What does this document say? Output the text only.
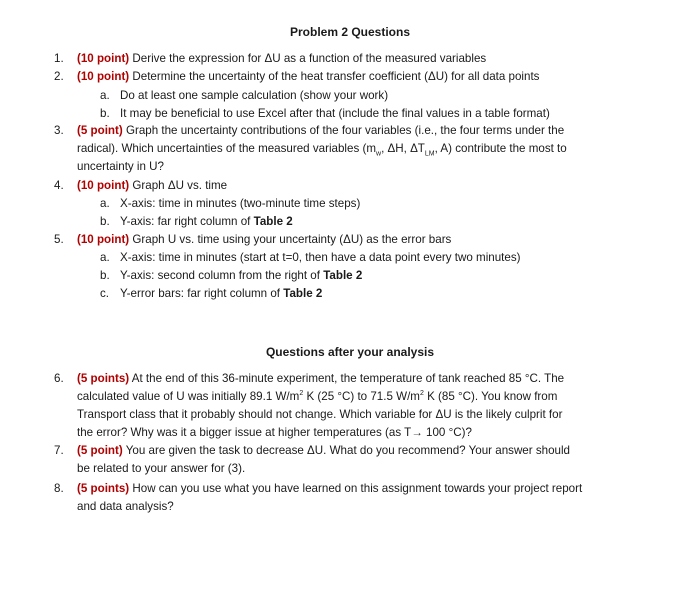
Problem 2 Questions
1.	(10 point) Derive the expression for ΔU as a function of the measured variables
2.	(10 point) Determine the uncertainty of the heat transfer coefficient (ΔU) for all data points
a. Do at least one sample calculation (show your work)
b. It may be beneficial to use Excel after that (include the final values in a table format)
3.	(5 point) Graph the uncertainty contributions of the four variables (i.e., the four terms under the
radical). Which uncertainties of the measured variables ($m_w$, ΔH, $\Delta T_{LM}$, A) contribute the most to
uncertainty in U?
4.	(10 point) Graph ΔU vs. time
a. X-axis: time in minutes (two-minute time steps)
b. Y-axis: far right column of Table 2
5.	(10 point) Graph U vs. time using your uncertainty (ΔU) as the error bars
a. X-axis: time in minutes (start at t=0, then have a data point every two minutes)
b. Y-axis: second column from the right of Table 2
c. Y-error bars: far right column of Table 2
Questions after your analysis
6.	(5 points) At the end of this 36-minute experiment, the temperature of tank reached 85 °C. The
calculated value of U was initially 89.1 $W/m^2$ K (25 °C) to 71.5 $W/m^2$ K (85 °C). You know from
Transport class that it probably should not change. Which variable for ΔU is the likely culprit for
the error? Why was it a bigger issue at higher temperatures (as T→ 100 °C)?
7.	(5 point) You are given the task to decrease ΔU. What do you recommend? Your answer should
be related to your answer for (3).
8.	(5 points) How can you use what you have learned on this assignment towards your project report
and data analysis?
